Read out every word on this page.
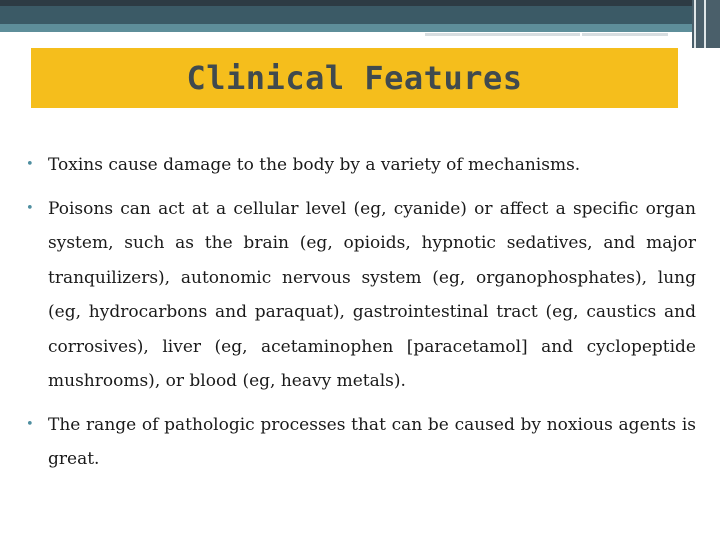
Clinical Features
• Toxins cause damage to the body by a variety of mechanisms.
• Poisons can act at a cellular level (eg, cyanide) or affect a specific organ system, such as the brain (eg, opioids, hypnotic sedatives, and major tranquilizers), autonomic nervous system (eg, organophosphates), lung (eg, hydrocarbons and paraquat), gastrointestinal tract (eg, caustics and corrosives), liver (eg, acetaminophen [paracetamol] and cyclopeptide mushrooms), or blood (eg, heavy metals).
• The range of pathologic processes that can be caused by noxious agents is great.
